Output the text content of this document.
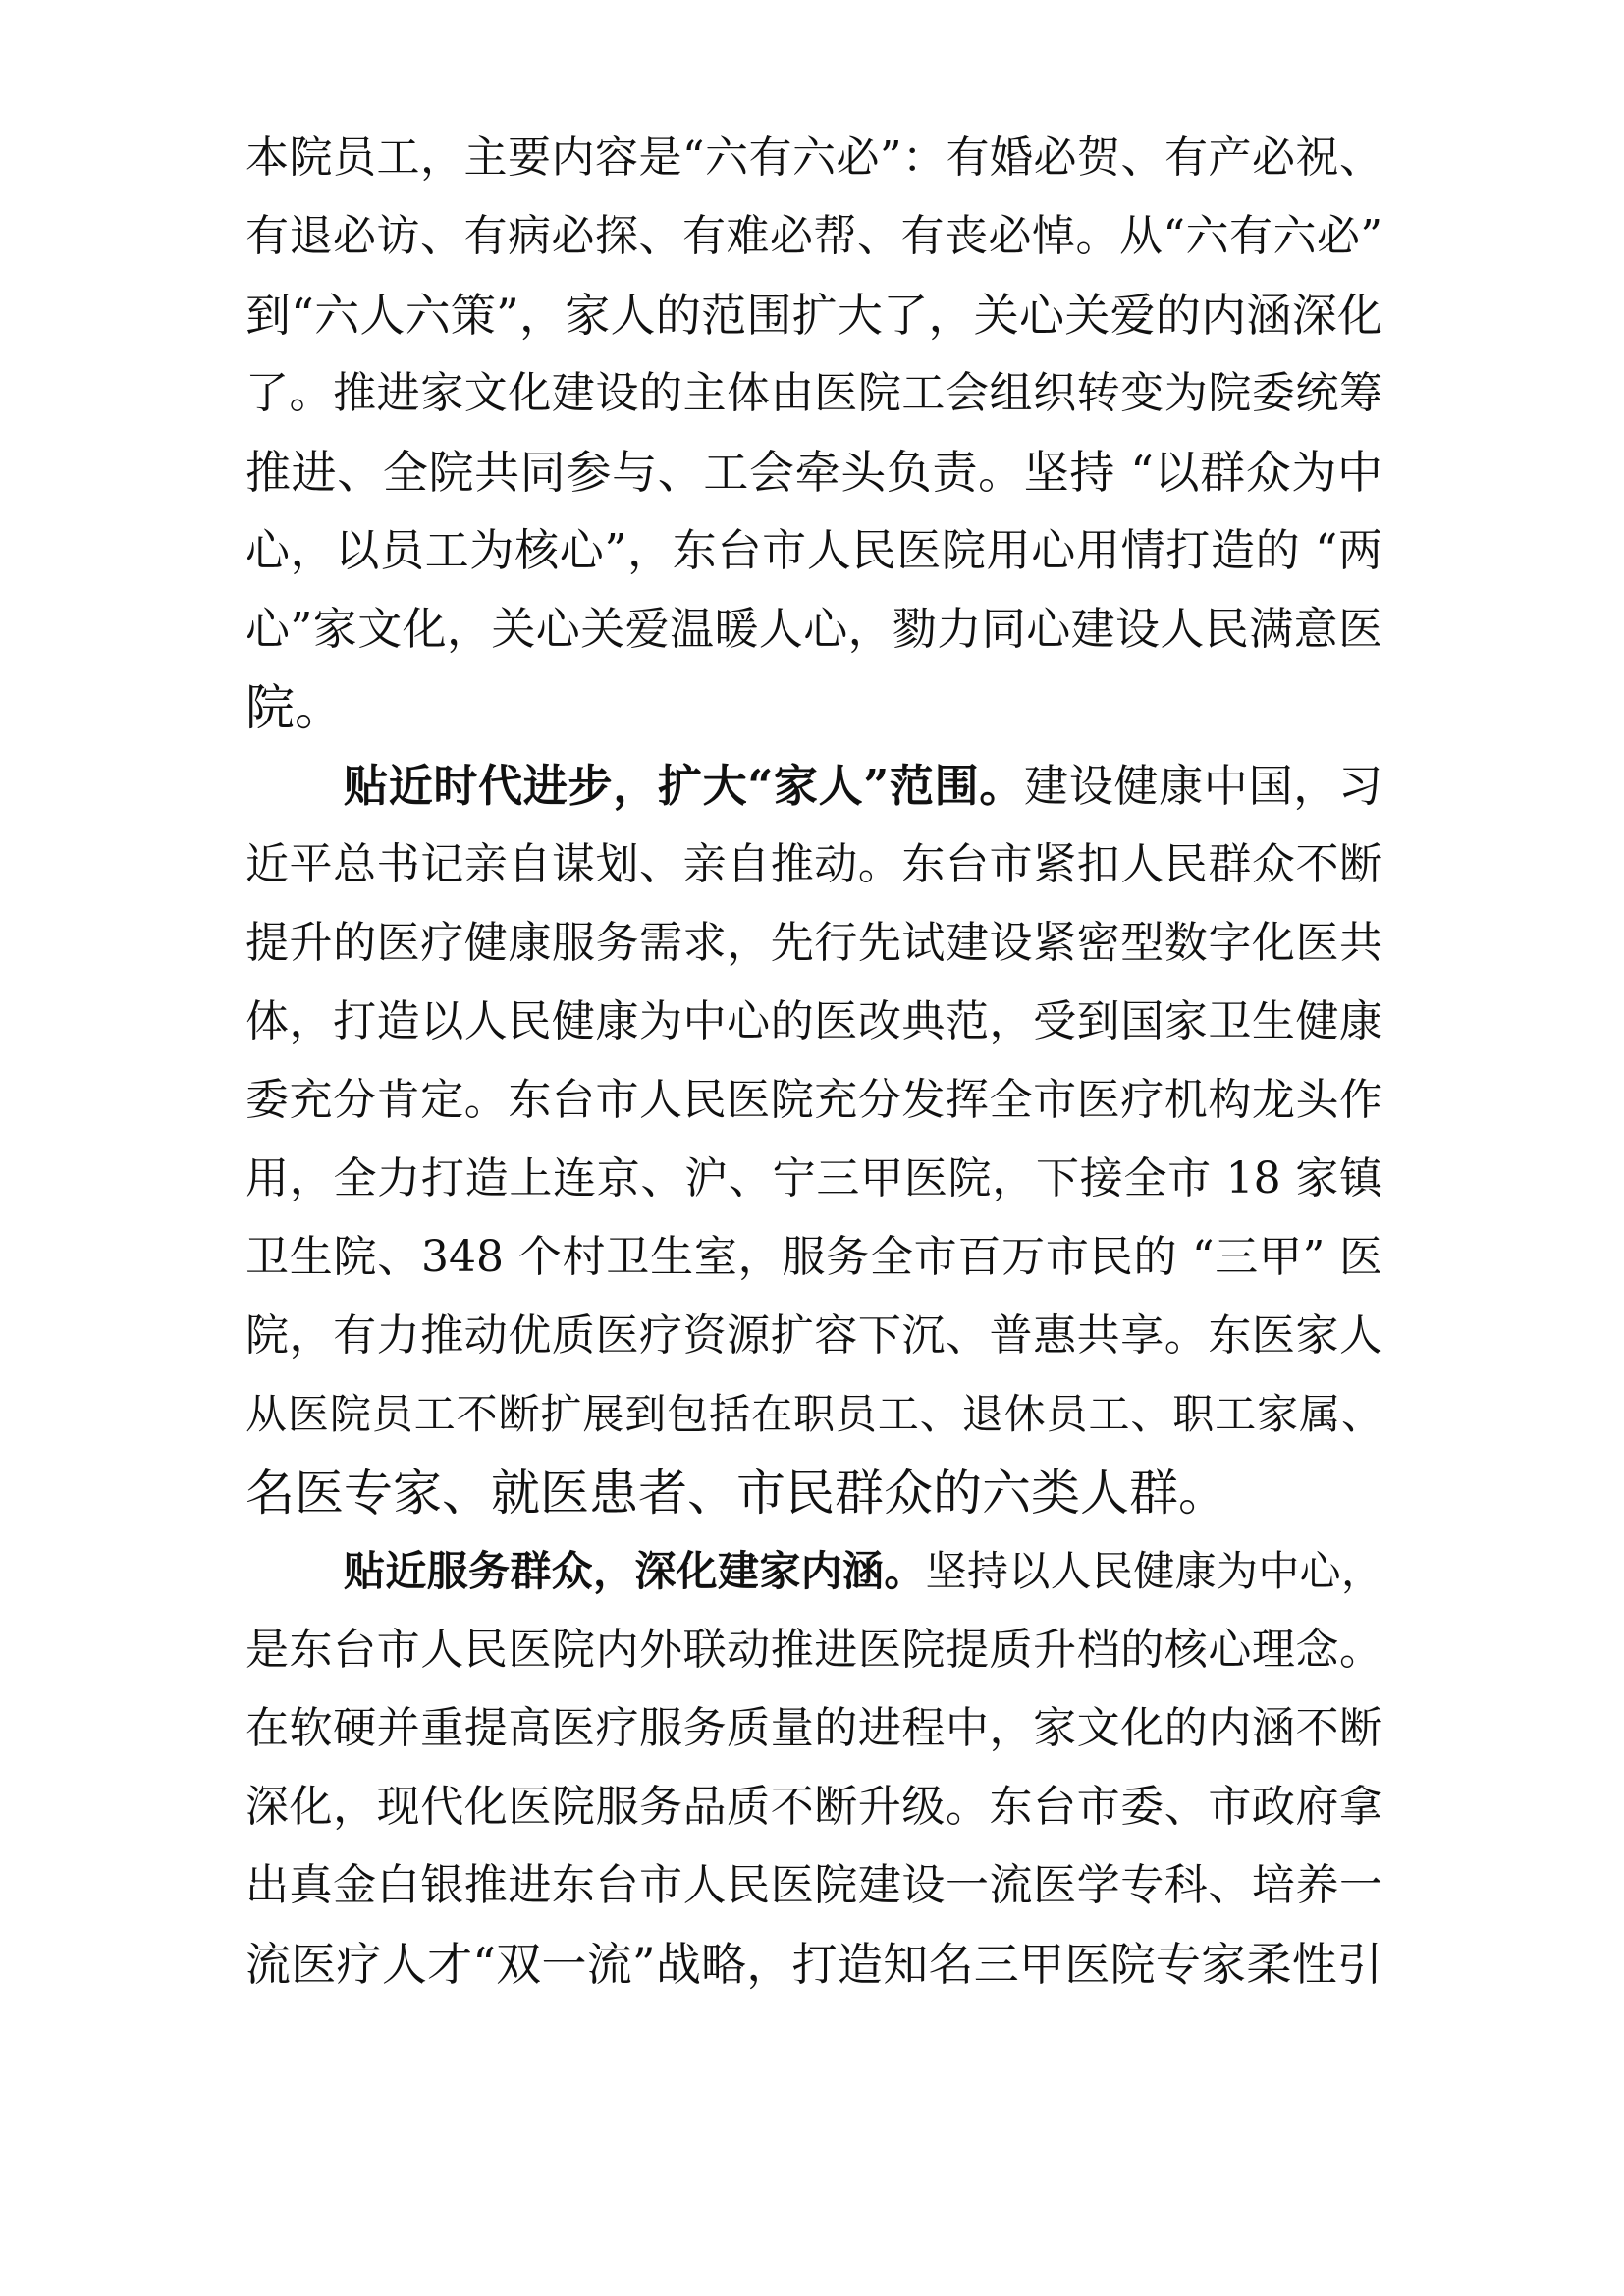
本院员工，主要内容是“六有六必”：有婚必贺、有产必祝、
有退必访、有病必探、有难必帮、有丧必悼。从“六有六必”
到“六人六策”，家人的范围扩大了，关心关爱的内涵深化
了。推进家文化建设的主体由医院工会组织转变为院委统筹
推进、全院共同参与、工会牵头负责。坚持 “以群众为中
心，以员工为核心”，东台市人民医院用心用情打造的 “两
心”家文化，关心关爱温暖人心，勠力同心建设人民满意医
院。
贴近时代进步，扩大“家人”范围。建设健康中国，习
近平总书记亲自谋划、亲自推动。东台市紧扣人民群众不断
提升的医疗健康服务需求，先行先试建设紧密型数字化医共
体，打造以人民健康为中心的医改典范，受到国家卫生健康
委充分肯定。东台市人民医院充分发挥全市医疗机构龙头作
用，全力打造上连京、沪、宁三甲医院，下接全市 18 家镇
卫生院、348 个村卫生室，服务全市百万市民的 “三甲” 医
院，有力推动优质医疗资源扩容下沉、普惠共享。东医家人
从医院员工不断扩展到包括在职员工、退休员工、职工家属、
名医专家、就医患者、市民群众的六类人群。
贴近服务群众，深化建家内涵。坚持以人民健康为中心，
是东台市人民医院内外联动推进医院提质升档的核心理念。
在软硬并重提高医疗服务质量的进程中，家文化的内涵不断
深化，现代化医院服务品质不断升级。东台市委、市政府拿
出真金白银推进东台市人民医院建设一流医学专科、培养一
流医疗人才“双一流”战略，打造知名三甲医院专家柔性引
